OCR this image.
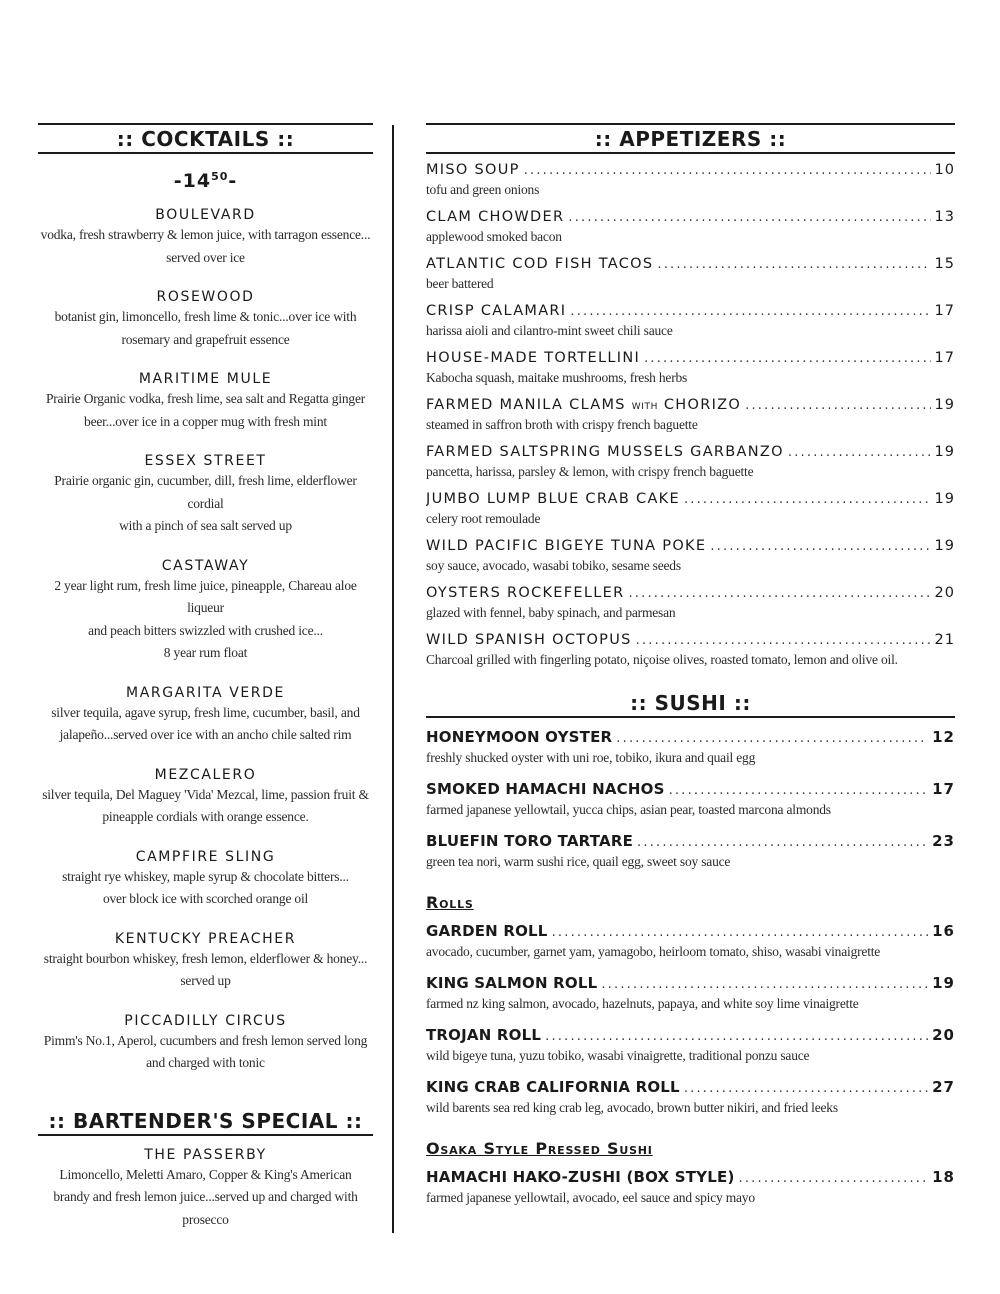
:: COCKTAILS ::
$-14^{50}-$
BOULEVARD
vodka, fresh strawberry & lemon juice, with tarragon essence...
served over ice
ROSEWOOD
botanist gin, limoncello, fresh lime & tonic...over ice with
rosemary and grapefruit essence
MARITIME MULE
Prairie Organic vodka, fresh lime, sea salt and Regatta ginger
beer...over ice in a copper mug with fresh mint
ESSEX STREET
Prairie organic gin, cucumber, dill, fresh lime, elderflower cordial
with a pinch of sea salt served up
CASTAWAY
2 year light rum, fresh lime juice, pineapple, Chareau aloe liqueur
and peach bitters swizzled with crushed ice...
8 year rum float
MARGARITA VERDE
silver tequila, agave syrup, fresh lime, cucumber, basil, and
jalapeño...served over ice with an ancho chile salted rim
MEZCALERO
silver tequila, Del Maguey 'Vida' Mezcal, lime, passion fruit &
pineapple cordials with orange essence.
CAMPFIRE SLING
straight rye whiskey, maple syrup & chocolate bitters...
over block ice with scorched orange oil
KENTUCKY PREACHER
straight bourbon whiskey, fresh lemon, elderflower & honey...
served up
PICCADILLY CIRCUS
Pimm's No.1, Aperol, cucumbers and fresh lemon served long
and charged with tonic
:: BARTENDER'S SPECIAL ::
THE PASSERBY
Limoncello, Meletti Amaro, Copper & King's American
brandy and fresh lemon juice...served up and charged with
prosecco
:: APPETIZERS ::
MISO SOUP .....	10
tofu and green onions
CLAM CHOWDER .....	13
applewood smoked bacon
ATLANTIC COD FISH TACOS .....	15
beer battered
CRISP CALAMARI .....	17
harissa aioli and cilantro-mint sweet chili sauce
HOUSE-MADE TORTELLINI .....	17
Kabocha squash, maitake mushrooms, fresh herbs
FARMED MANILA CLAMS with CHORIZO .....	19
steamed in saffron broth with crispy french baguette
FARMED SALTSPRING MUSSELS GARBANZO .....	19
pancetta, harissa, parsley & lemon, with crispy french baguette
JUMBO LUMP BLUE CRAB CAKE .....	19
celery root remoulade
WILD PACIFIC BIGEYE TUNA POKE .....	19
soy sauce, avocado, wasabi tobiko, sesame seeds
OYSTERS ROCKEFELLER .....	20
glazed with fennel, baby spinach, and parmesan
WILD SPANISH OCTOPUS .....	21
Charcoal grilled with fingerling potato, niçoise olives, roasted tomato, lemon and olive oil.
:: SUSHI ::
HONEYMOON OYSTER .....	12
freshly shucked oyster with uni roe, tobiko, ikura and quail egg
SMOKED HAMACHI NACHOS .....	17
farmed japanese yellowtail, yucca chips, asian pear, toasted marcona almonds
BLUEFIN TORO TARTARE .....	23
green tea nori, warm sushi rice, quail egg, sweet soy sauce
Rolls
GARDEN ROLL .....	16
avocado, cucumber, garnet yam, yamagobo, heirloom tomato, shiso, wasabi vinaigrette
KING SALMON ROLL .....	19
farmed nz king salmon, avocado, hazelnuts, papaya, and white soy lime vinaigrette
TROJAN ROLL .....	20
wild bigeye tuna, yuzu tobiko, wasabi vinaigrette, traditional ponzu sauce
KING CRAB CALIFORNIA ROLL .....	27
wild barents sea red king crab leg, avocado, brown butter nikiri, and fried leeks
Osaka Style Pressed Sushi
HAMACHI HAKO-ZUSHI (BOX STYLE) .....	18
farmed japanese yellowtail, avocado, eel sauce and spicy mayo
